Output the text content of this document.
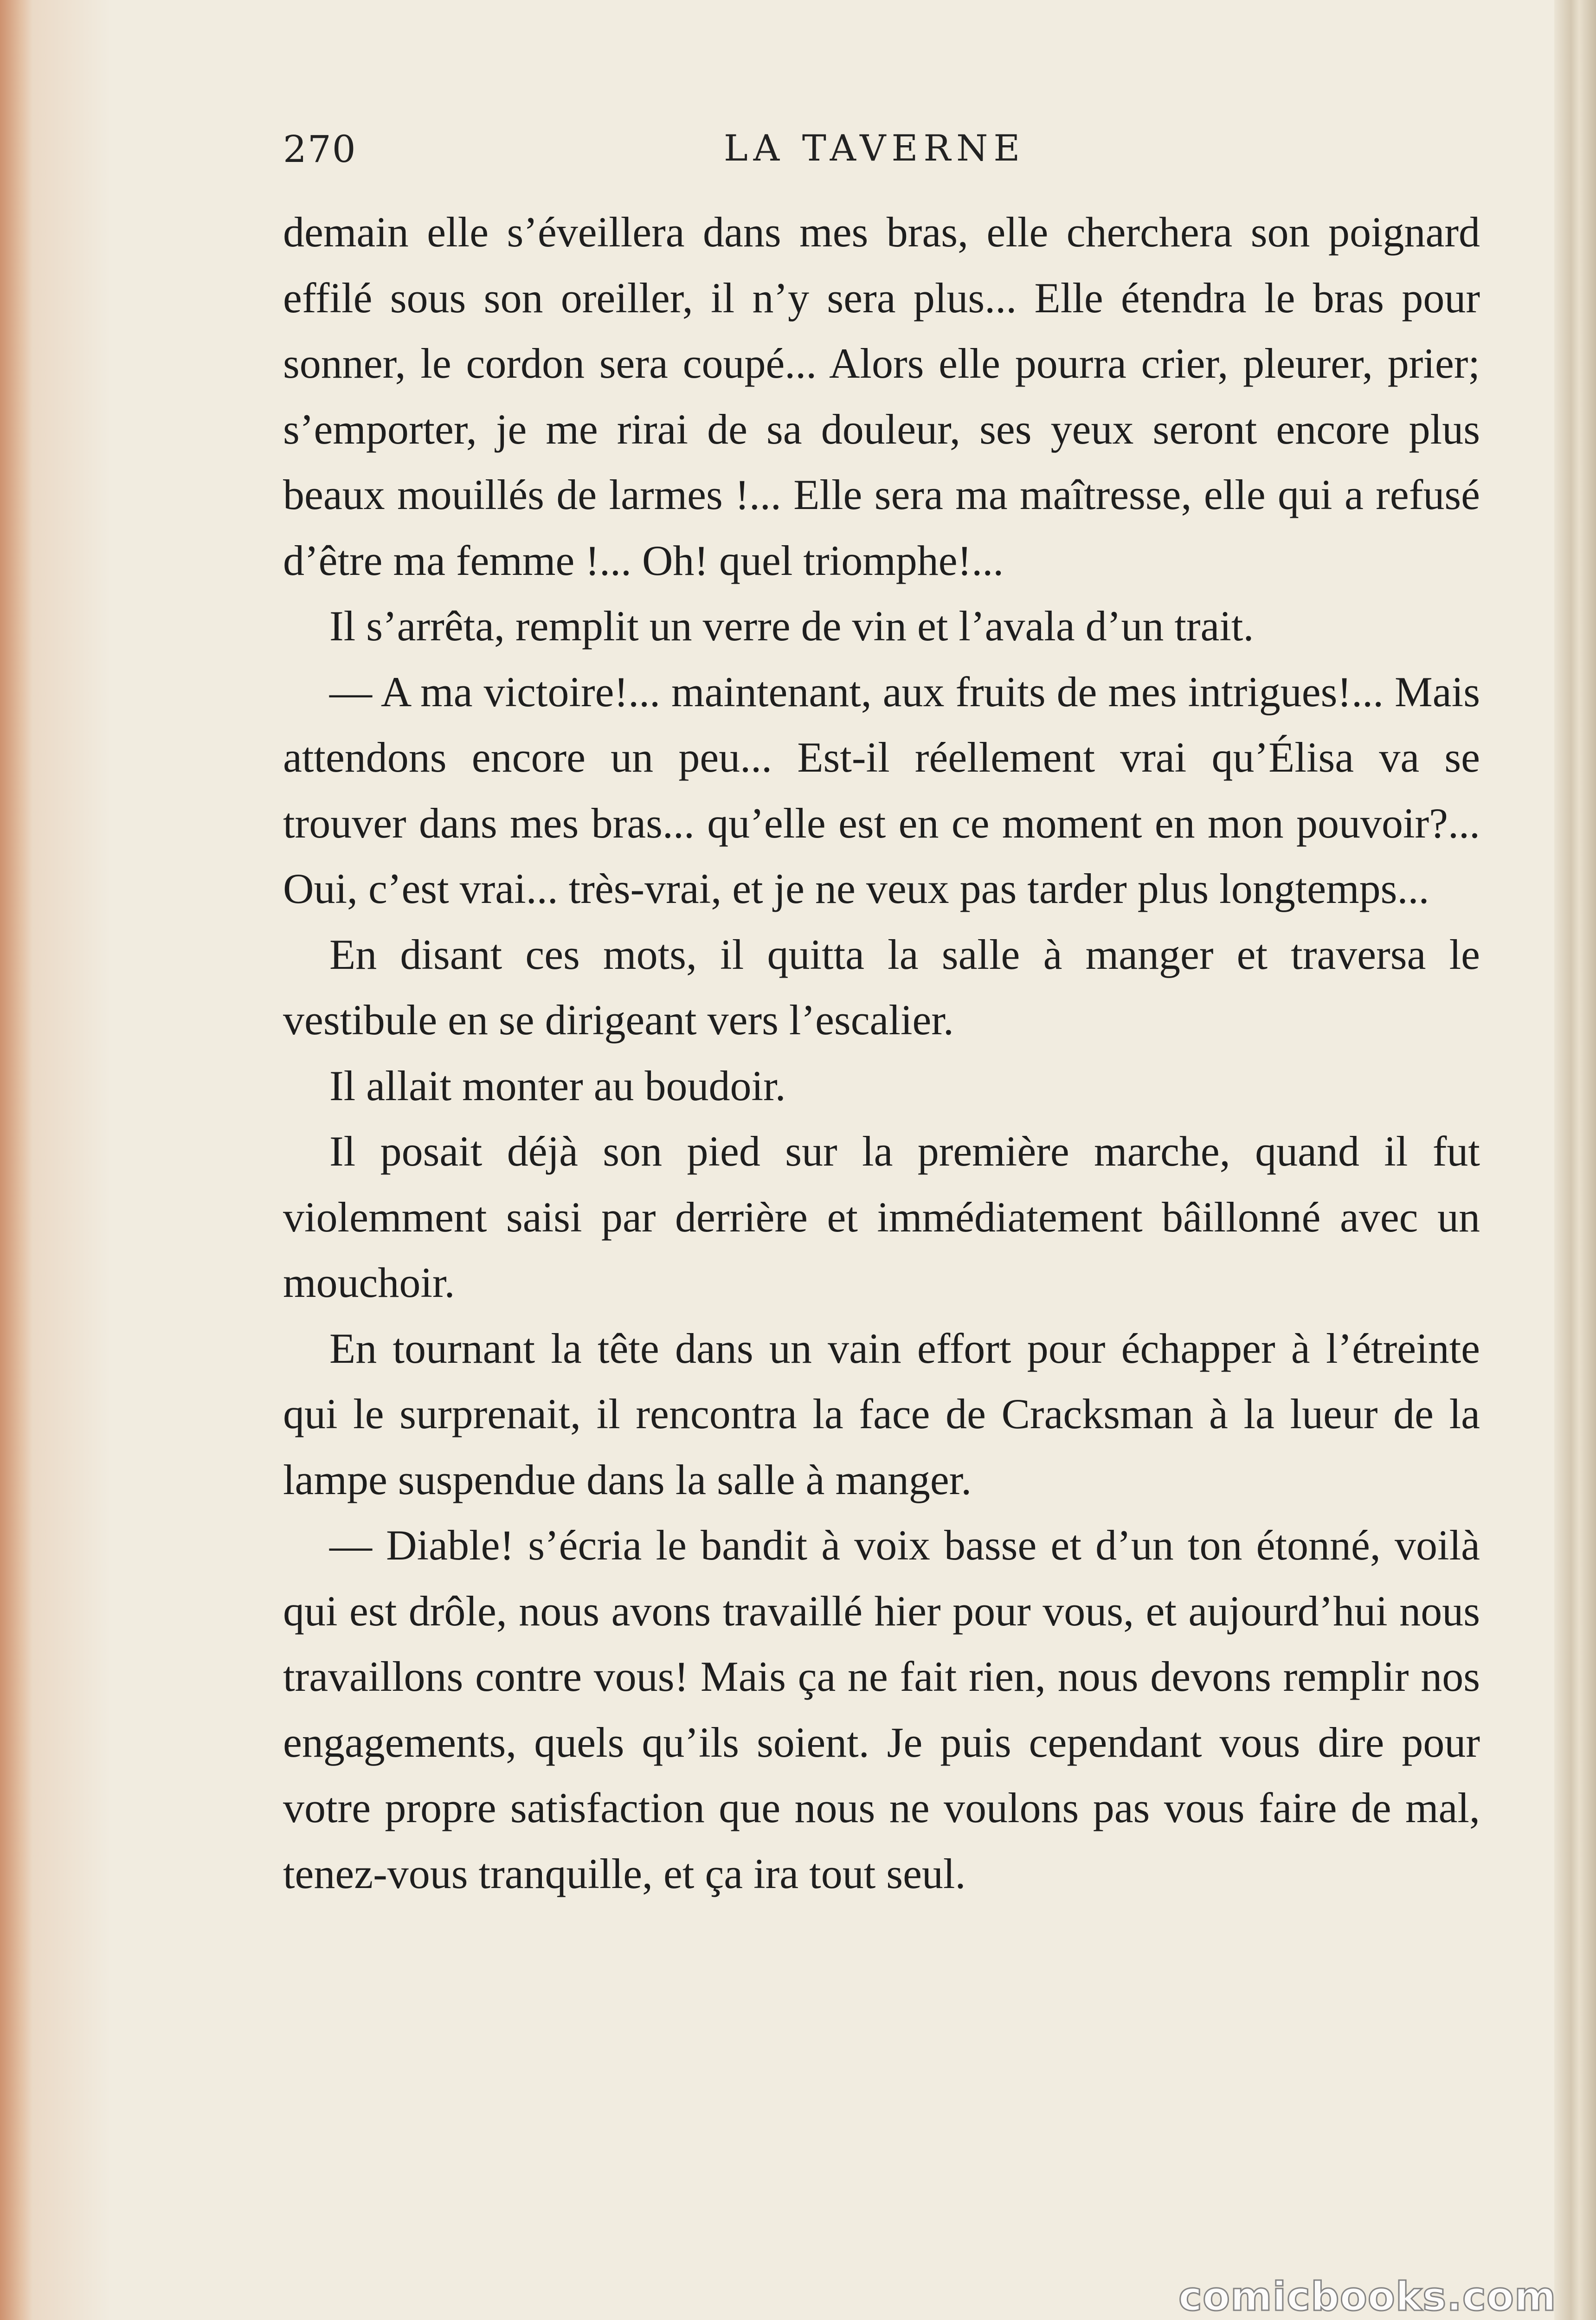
270	LA TAVERNE

demain elle s’éveillera dans mes bras, elle cherchera son poignard effilé sous son oreiller, il n’y sera plus... Elle étendra le bras pour sonner, le cordon sera coupé... Alors elle pourra crier, pleurer, prier; s’emporter, je me rirai de sa douleur, ses yeux seront encore plus beaux mouillés de larmes !... Elle sera ma maîtresse, elle qui a refusé d’être ma femme !... Oh! quel triomphe!...

Il s’arrêta, remplit un verre de vin et l’avala d’un trait.

— A ma victoire!... maintenant, aux fruits de mes intrigues!... Mais attendons encore un peu... Est-il réellement vrai qu’Élisa va se trouver dans mes bras... qu’elle est en ce moment en mon pouvoir?... Oui, c’est vrai... très-vrai, et je ne veux pas tarder plus longtemps...

En disant ces mots, il quitta la salle à manger et traversa le vestibule en se dirigeant vers l’escalier.

Il allait monter au boudoir.

Il posait déjà son pied sur la première marche, quand il fut violemment saisi par derrière et immédiatement bâillonné avec un mouchoir.

En tournant la tête dans un vain effort pour échapper à l’étreinte qui le surprenait, il rencontra la face de Cracksman à la lueur de la lampe suspendue dans la salle à manger.

— Diable! s’écria le bandit à voix basse et d’un ton étonné, voilà qui est drôle, nous avons travaillé hier pour vous, et aujourd’hui nous travaillons contre vous! Mais ça ne fait rien, nous devons remplir nos engagements, quels qu’ils soient. Je puis cependant vous dire pour votre propre satisfaction que nous ne voulons pas vous faire de mal, tenez-vous tranquille, et ça ira tout seul.

comicbooks.com
